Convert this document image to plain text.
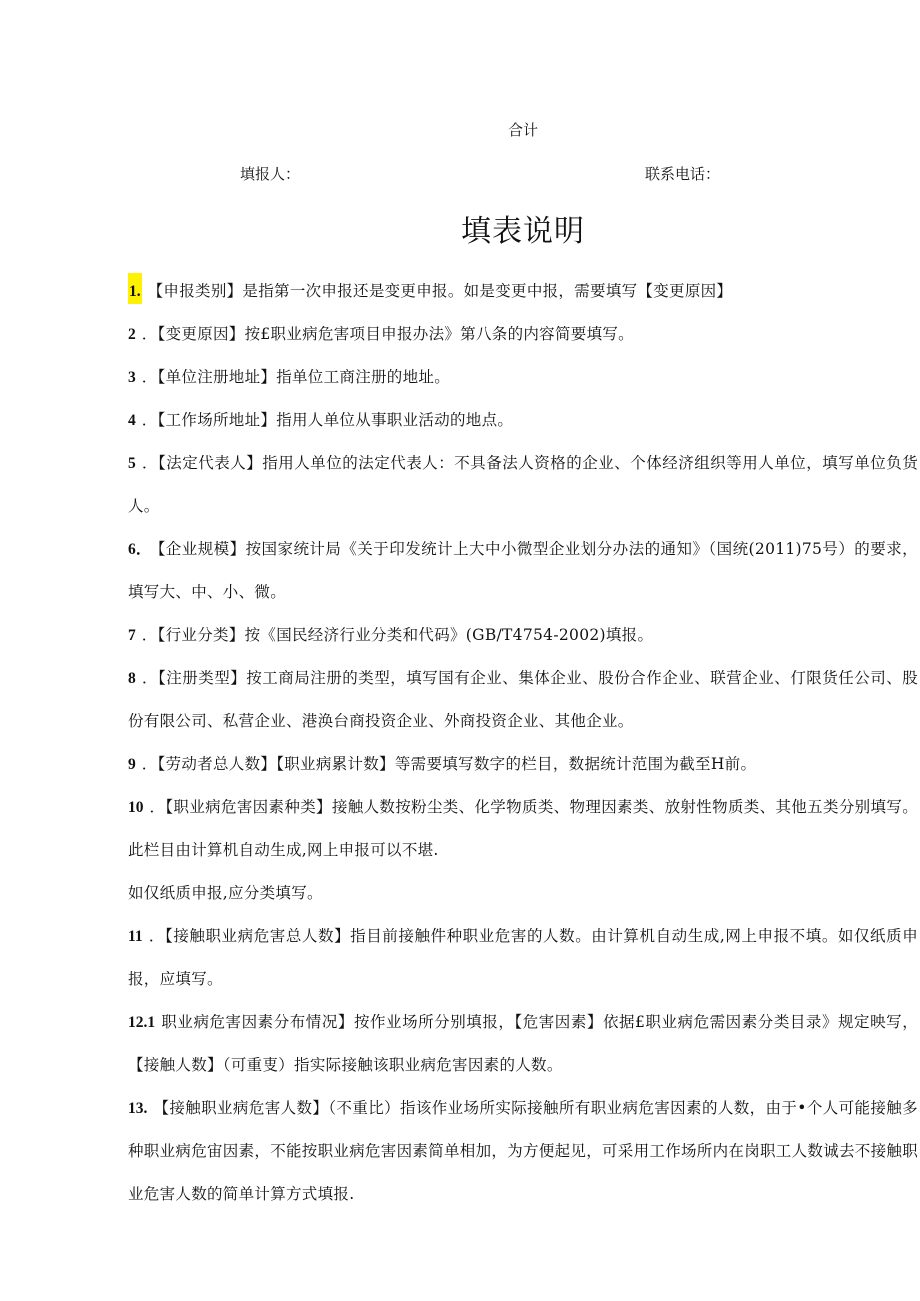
合计
填报人：	联系电话：
填表说明

1. 【申报类别】是指第一次申报还是变更申报。如是变更中报，需要填写【变更原因】

2 ．【变更原因】按£职业病危害项目申报办法》第八条的内容简要填写。

3 ．【单位注册地址】指单位工商注册的地址。

4 ．【工作场所地址】指用人单位从事职业活动的地点。

5 ．【法定代表人】指用人单位的法定代表人：不具备法人资格的企业、个体经济组织等用人单位，填写单位负货人。

6． 【企业规模】按国家统计局《关于印发统计上大中小微型企业划分办法的通知》（国统(2011)75号）的要求，填写大、中、小、微。

7 ．【行业分类】按《国民经济行业分类和代码》(GB/T4754-2002)填报。

8 ．【注册类型】按工商局注册的类型，填写国有企业、集体企业、股份合作企业、联营企业、仃限货任公司、股份有限公司、私营企业、港涣台商投资企业、外商投资企业、其他企业。

9 ．【劳动者总人数】【职业病累计数】等需要填写数字的栏目，数据统计范围为截至H前。

10 ．【职业病危害因素种类】接触人数按粉尘类、化学物质类、物理因素类、放射性物质类、其他五类分别填写。此栏目由计算机自动生成,网上申报可以不堪.

如仅纸质申报,应分类填写。

11 ．【接触职业病危害总人数】指目前接触件种职业危害的人数。由计算机自动生成,网上申报不填。如仅纸质申报，应填写。

12.1 职业病危害因素分布情况】按作业场所分别填报，【危害因素】依据£职业病危需因素分类目录》规定映写，【接触人数】（可重叓）指实际接触该职业病危害因素的人数。

13. 【接触职业病危害人数】（不重比）指该作业场所实际接触所有职业病危害因素的人数，由于•个人可能接触多种职业病危宙因素，不能按职业病危害因素简单相加，为方便起见，可采用工作场所内在岗职工人数诚去不接触职业危害人数的简单计算方式填报.
